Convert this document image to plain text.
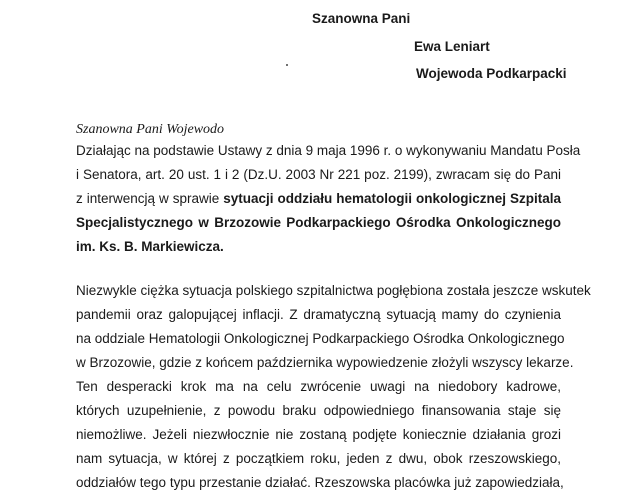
Szanowna Pani
Ewa Leniart
Wojewoda Podkarpacki
Szanowna Pani Wojewodo
Działając na podstawie Ustawy z dnia 9 maja 1996 r. o wykonywaniu Mandatu Posła
i Senatora, art. 20 ust. 1 i 2 (Dz.U. 2003 Nr 221 poz. 2199), zwracam się do Pani
z interwencją w sprawie sytuacji oddziału hematologii onkologicznej Szpitala
Specjalistycznego w Brzozowie Podkarpackiego Ośrodka Onkologicznego
im. Ks. B. Markiewicza.
Niezwykle ciężka sytuacja polskiego szpitalnictwa pogłębiona została jeszcze wskutek
pandemii oraz galopującej inflacji. Z dramatyczną sytuacją mamy do czynienia
na oddziale Hematologii Onkologicznej Podkarpackiego Ośrodka Onkologicznego
w Brzozowie, gdzie z końcem października wypowiedzenie złożyli wszyscy lekarze.
Ten desperacki krok ma na celu zwrócenie uwagi na niedobory kadrowe,
których uzupełnienie, z powodu braku odpowiedniego finansowania staje się
niemożliwe. Jeżeli niezwłocznie nie zostaną podjęte koniecznie działania grozi
nam sytuacja, w której z początkiem roku, jeden z dwu, obok rzeszowskiego,
oddziałów tego typu przestanie działać. Rzeszowska placówka już zapowiedziała,
